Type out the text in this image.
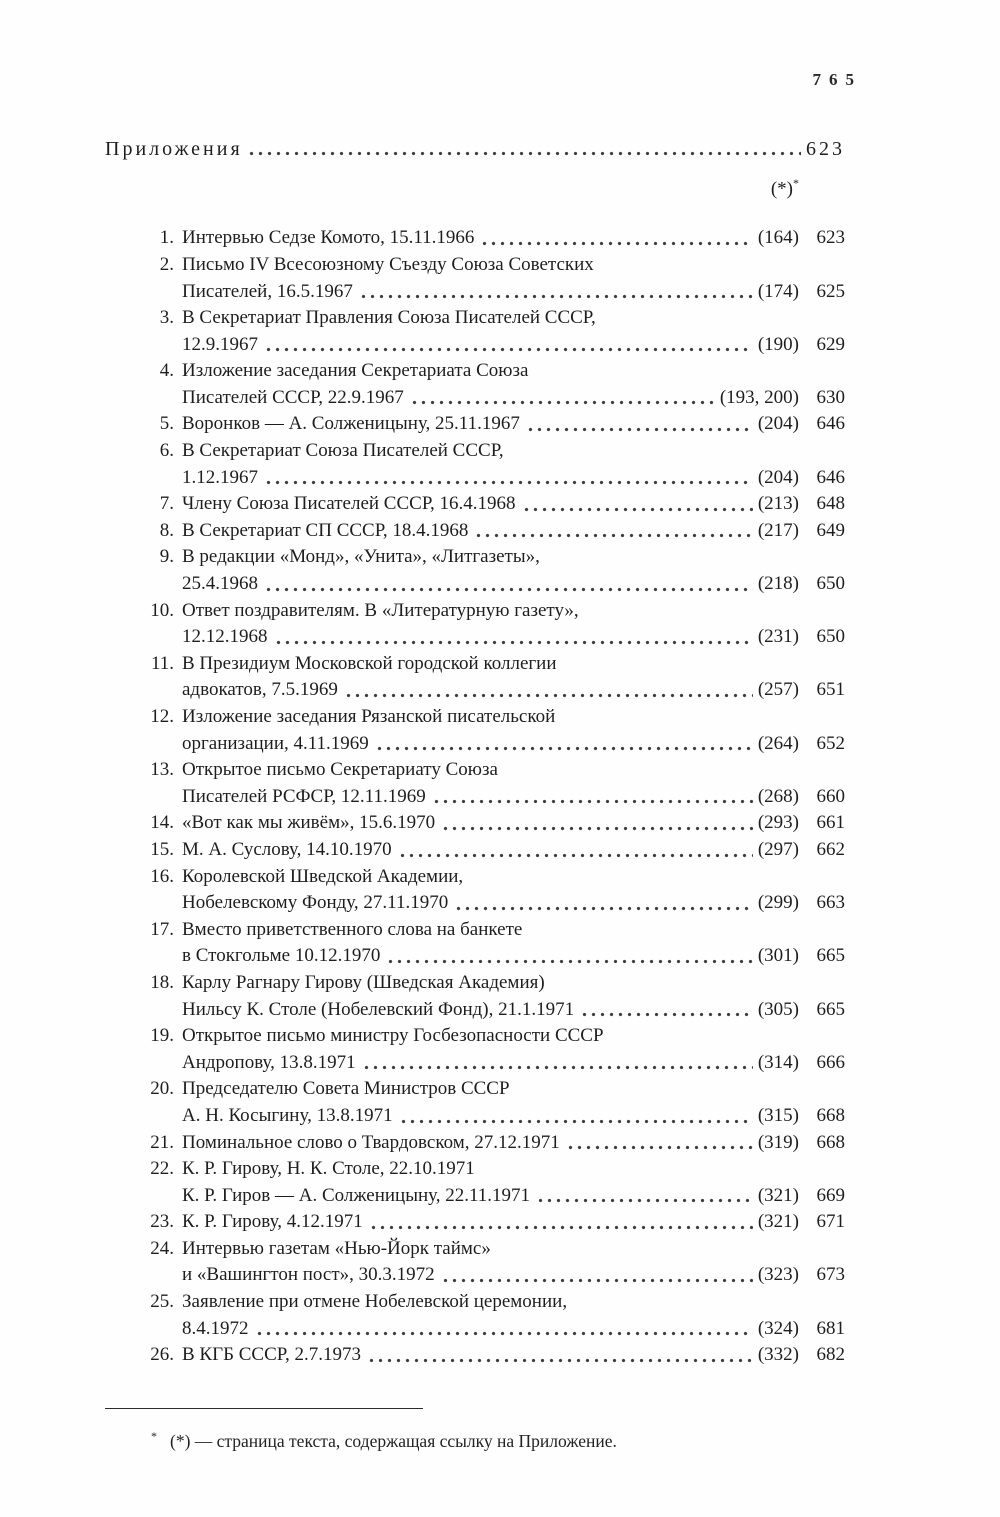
765
Приложения	623
(*)*
1. Интервью Седзе Комото, 15.11.1966	(164) 623
2. Письмо IV Всесоюзному Съезду Союза Советских
Писателей, 16.5.1967	(174) 625
3. В Секретариат Правления Союза Писателей СССР,
12.9.1967	(190) 629
4. Изложение заседания Секретариата Союза
Писателей СССР, 22.9.1967	(193, 200) 630
5. Воронков — А. Солженицыну, 25.11.1967	(204) 646
6. В Секретариат Союза Писателей СССР,
1.12.1967	(204) 646
7. Члену Союза Писателей СССР, 16.4.1968	(213) 648
8. В Секретариат СП СССР, 18.4.1968	(217) 649
9. В редакции «Монд», «Унита», «Литгазеты»,
25.4.1968	(218) 650
10. Ответ поздравителям. В «Литературную газету»,
12.12.1968	(231) 650
11. В Президиум Московской городской коллегии
адвокатов, 7.5.1969	(257) 651
12. Изложение заседания Рязанской писательской
организации, 4.11.1969	(264) 652
13. Открытое письмо Секретариату Союза
Писателей РСФСР, 12.11.1969	(268) 660
14. «Вот как мы живём», 15.6.1970	(293) 661
15. М. А. Суслову, 14.10.1970	(297) 662
16. Королевской Шведской Академии,
Нобелевскому Фонду, 27.11.1970	(299) 663
17. Вместо приветственного слова на банкете
в Стокгольме 10.12.1970	(301) 665
18. Карлу Рагнару Гирову (Шведская Академия)
Нильсу К. Столе (Нобелевский Фонд), 21.1.1971	(305) 665
19. Открытое письмо министру Госбезопасности СССР
Андропову, 13.8.1971	(314) 666
20. Председателю Совета Министров СССР
А. Н. Косыгину, 13.8.1971	(315) 668
21. Поминальное слово о Твардовском, 27.12.1971	(319) 668
22. К. Р. Гирову, Н. К. Столе, 22.10.1971
К. Р. Гиров — А. Солженицыну, 22.11.1971	(321) 669
23. К. Р. Гирову, 4.12.1971	(321) 671
24. Интервью газетам «Нью-Йорк таймс»
и «Вашингтон пост», 30.3.1972	(323) 673
25. Заявление при отмене Нобелевской церемонии,
8.4.1972	(324) 681
26. В КГБ СССР, 2.7.1973	(332) 682
* (*) — страница текста, содержащая ссылку на Приложение.
